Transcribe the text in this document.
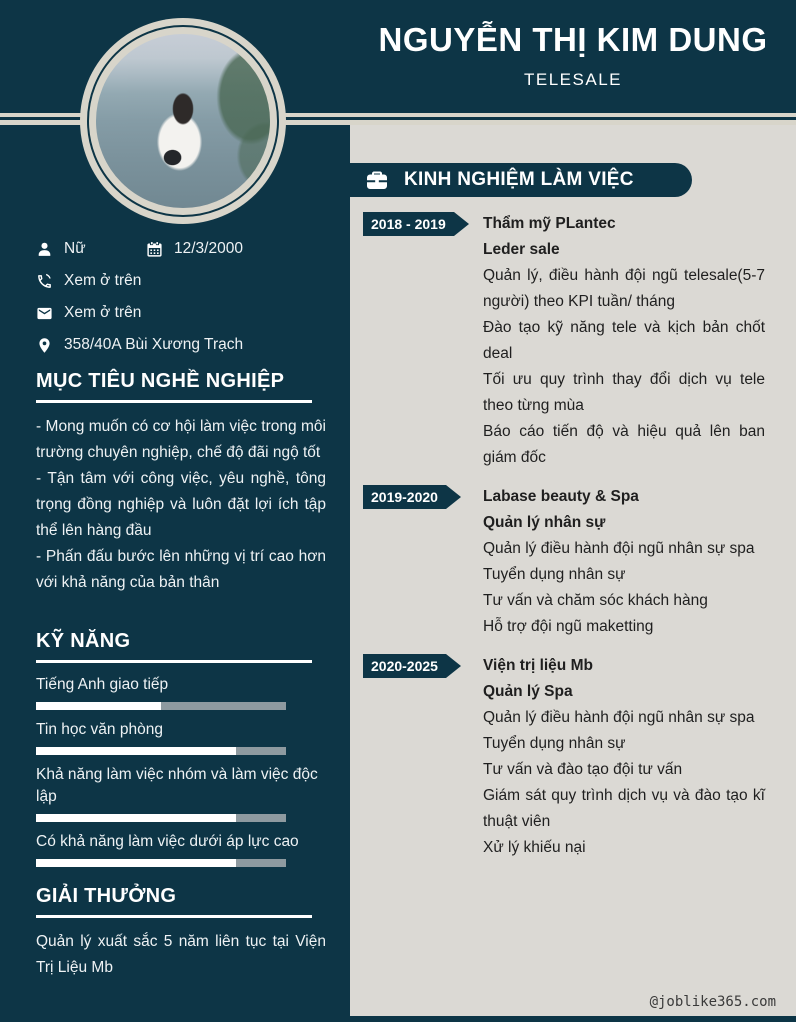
NGUYỄN THỊ KIM DUNG
TELESALE
Nữ	12/3/2000
Xem ở trên
Xem ở trên
358/40A Bùi Xương Trạch
MỤC TIÊU NGHỀ NGHIỆP

- Mong muốn có cơ hội làm việc trong môi trường chuyên nghiệp, chế độ đãi ngộ tốt

- Tận tâm với công việc, yêu nghề, tông trọng đồng nghiệp và luôn đặt lợi ích tập thể lên hàng đầu

- Phấn đấu bước lên những vị trí cao hơn với khả năng của bản thân

KỸ NĂNG
Tiếng Anh giao tiếp
Tin học văn phòng
Khả năng làm việc nhóm và làm việc độc lập
Có khả năng làm việc dưới áp lực cao
GIẢI THƯỞNG

Quản lý xuất sắc 5 năm liên tục tại Viện Trị Liệu Mb

KINH NGHIỆM LÀM VIỆC
2018 - 2019	Thẩm mỹ PLantec

Leder sale

Quản lý, điều hành đội ngũ telesale(5-7 người) theo KPI tuần/ tháng

Đào tạo kỹ năng tele và kịch bản chốt deal

Tối ưu quy trình thay đổi dịch vụ tele theo từng mùa

Báo cáo tiến độ và hiệu quả lên ban giám đốc

2019-2020	Labase beauty & Spa

Quản lý nhân sự

Quản lý điều hành đội ngũ nhân sự spa

Tuyển dụng nhân sự

Tư vấn và chăm sóc khách hàng

Hỗ trợ đội ngũ maketting

2020-2025	Viện trị liệu Mb

Quản lý Spa

Quản lý điều hành đội ngũ nhân sự spa

Tuyển dụng nhân sự

Tư vấn và đào tạo đội tư vấn

Giám sát quy trình dịch vụ và đào tạo kĩ thuật viên

Xử lý khiếu nại

@joblike365.com
